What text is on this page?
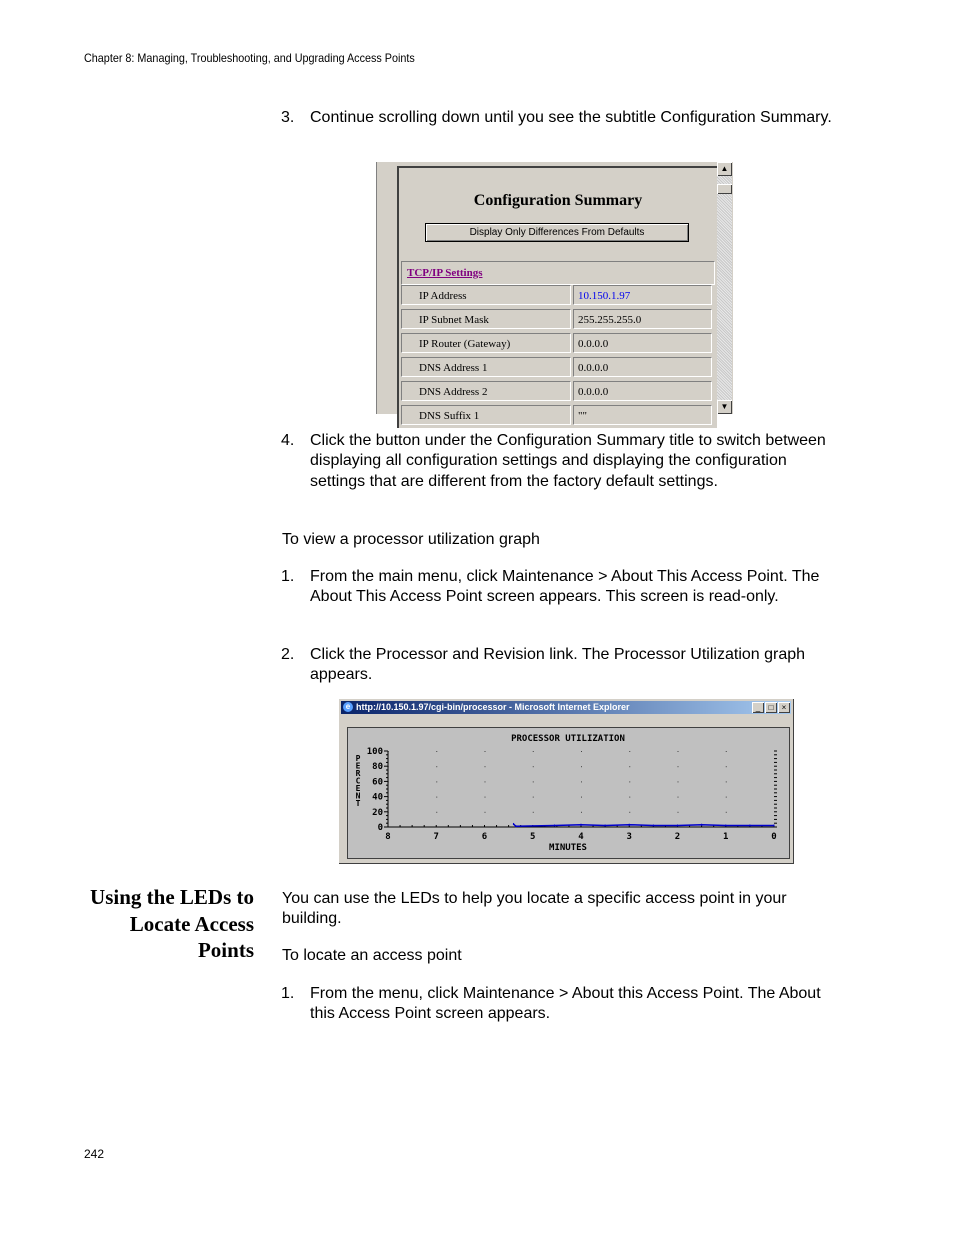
Chapter 8: Managing, Troubleshooting, and Upgrading Access Points
3. Continue scrolling down until you see the subtitle Configuration Summary.
Configuration Summary
Display Only Differences From Defaults
TCP/IP Settings
IP Address	10.150.1.97
IP Subnet Mask	255.255.255.0
IP Router (Gateway)	0.0.0.0
DNS Address 1	0.0.0.0
DNS Address 2	0.0.0.0
DNS Suffix 1	""
▲
▼
4. Click the button under the Configuration Summary title to switch between displaying all configuration settings and displaying the configuration settings that are different from the factory default settings.
To view a processor utilization graph
1. From the main menu, click Maintenance > About This Access Point. The About This Access Point screen appears. This screen is read-only.
2. Click the Processor and Revision link. The Processor Utilization graph appears.
e http://10.150.1.97/cgi-bin/processor - Microsoft Internet Explorer	_	□	×
PROCESSOR UTILIZATION
100
80
60
40
20
0
8	7	6	5	4	3	2	1	0
MINUTES
P
E
R
C
E
N
T
Using the LEDs to Locate Access Points
You can use the LEDs to help you locate a specific access point in your building.
To locate an access point
1. From the menu, click Maintenance > About this Access Point. The About this Access Point screen appears.
242
